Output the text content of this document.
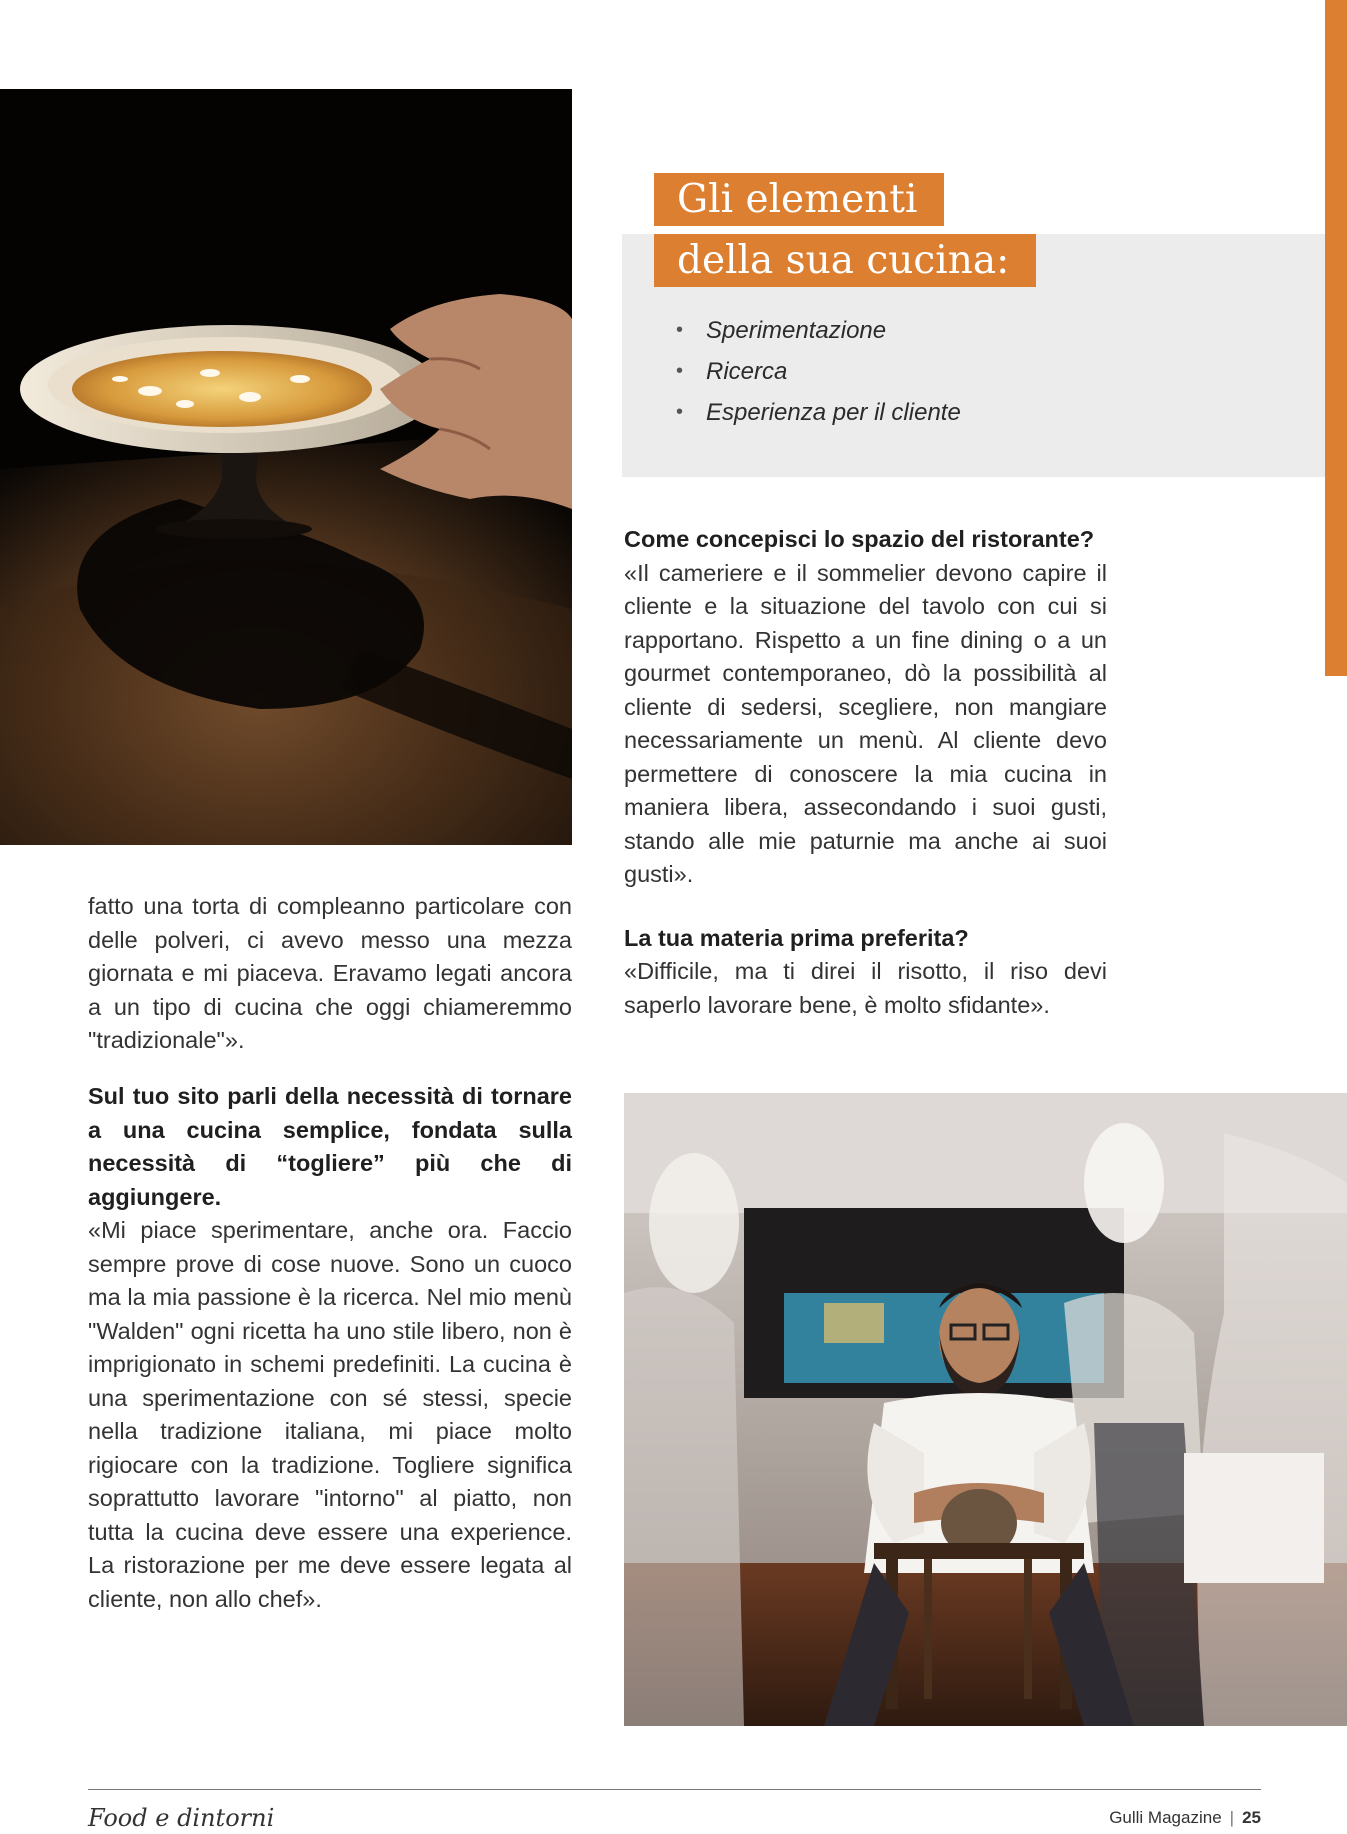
Gli elementi
della sua cucina:
• Sperimentazione
• Ricerca
• Esperienza per il cliente

Come concepisci lo spazio del ristorante?

«Il cameriere e il sommelier devono capire il cliente e la situazione del tavolo con cui si rapportano. Rispetto a un fine dining o a un gourmet contemporaneo, dò la possibilità al cliente di sedersi, scegliere, non mangiare necessariamente un menù. Al cliente devo permettere di conoscere la mia cucina in maniera libera, assecondando i suoi gusti, stando alle mie paturnie ma anche ai suoi gusti».

La tua materia prima preferita?

«Difficile, ma ti direi il risotto, il riso devi saperlo lavorare bene, è molto sfidante».

fatto una torta di compleanno particolare con delle polveri, ci avevo messo una mezza giornata e mi piaceva. Eravamo legati ancora a un tipo di cucina che oggi chiameremmo "tradizionale"».

Sul tuo sito parli della necessità di tornare a una cucina semplice, fondata sulla necessità di “togliere” più che di aggiungere.

«Mi piace sperimentare, anche ora. Faccio sempre prove di cose nuove. Sono un cuoco ma la mia passione è la ricerca. Nel mio menù "Walden" ogni ricetta ha uno stile libero, non è imprigionato in schemi predefiniti. La cucina è una sperimentazione con sé stessi, specie nella tradizione italiana, mi piace molto rigiocare con la tradizione. Togliere significa soprattutto lavorare "intorno" al piatto, non tutta la cucina deve essere una experience. La ristorazione per me deve essere legata al cliente, non allo chef».

Food e dintorni	Gulli Magazine | 25
